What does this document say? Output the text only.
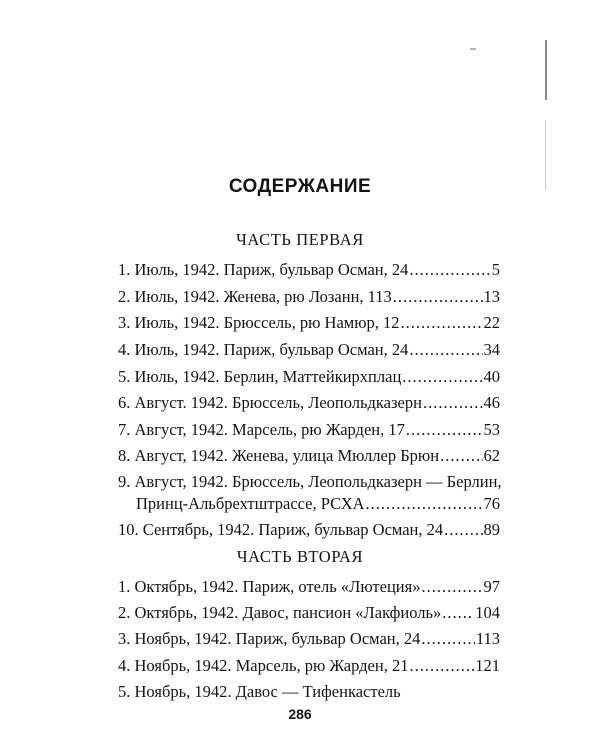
СОДЕРЖАНИЕ
ЧАСТЬ ПЕРВАЯ
1. Июль, 1942. Париж, бульвар Осман, 24 .....	5
2. Июль, 1942. Женева, рю Лозанн, 113 .....	13
3. Июль, 1942. Брюссель, рю Намюр, 12 .....	22
4. Июль, 1942. Париж, бульвар Осман, 24 .....	34
5. Июль, 1942. Берлин, Маттейкирхплац .....	40
6. Август. 1942. Брюссель, Леопольдказерн .....	46
7. Август, 1942. Марсель, рю Жарден, 17 .....	53
8. Август, 1942. Женева, улица Мюллер Брюн .....	62
9. Август, 1942. Брюссель, Леопольдказерн — Берлин,
Принц-Альбрехтштрассе, РСХА .....	76
10. Сентябрь, 1942. Париж, бульвар Осман, 24 ..... 89
ЧАСТЬ ВТОРАЯ
1. Октябрь, 1942. Париж, отель «Лютеция» .....	97
2. Октябрь, 1942. Давос, пансион «Лакфиоль» ..... 104
3. Ноябрь, 1942. Париж, бульвар Осман, 24 .....	113
4. Ноябрь, 1942. Марсель, рю Жарден, 21 .....	121
5. Ноябрь, 1942. Давос — Тифенкастель
286
